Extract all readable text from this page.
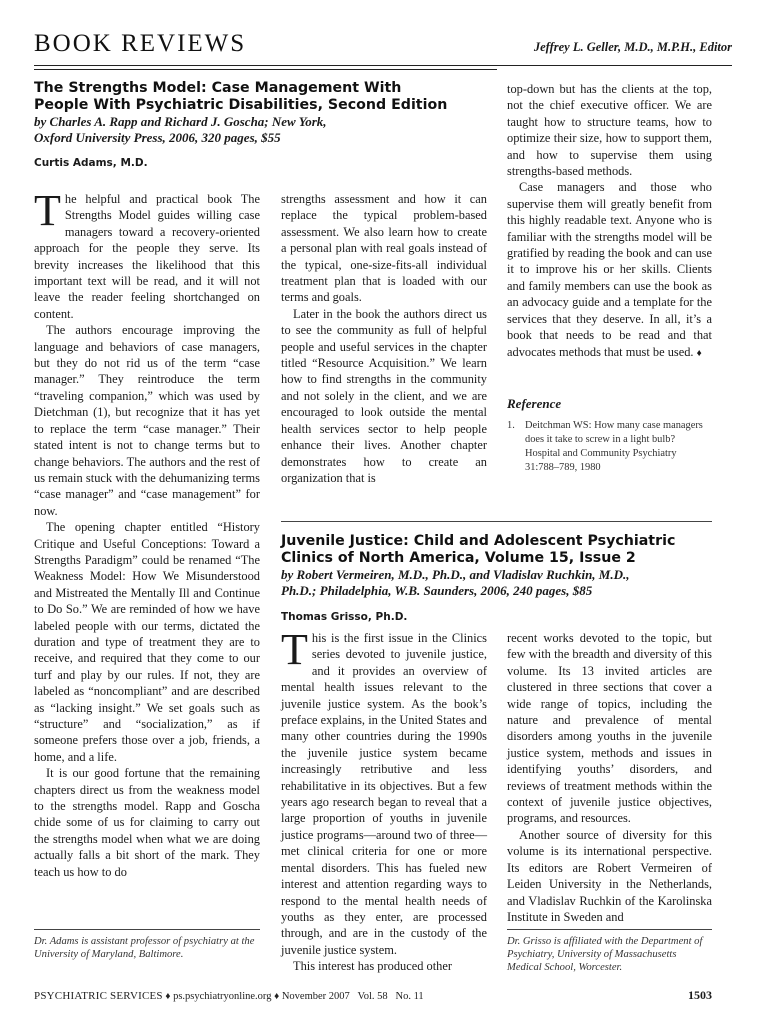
BOOK REVIEWS	Jeffrey L. Geller, M.D., M.P.H., Editor

The Strengths Model: Case Management With

People With Psychiatric Disabilities, Second Edition

by Charles A. Rapp and Richard J. Goscha; New York,

Oxford University Press, 2006, 320 pages, $55

Curtis Adams, M.D.

The helpful and practical book The Strengths Model guides willing case managers toward a recovery-oriented approach for the people they serve. Its brevity increases the likelihood that this important text will be read, and it will not leave the reader feeling shortchanged on content.

The authors encourage improving the language and behaviors of case managers, but they do not rid us of the term “case manager.” They reintroduce the term “traveling companion,” which was used by Dietchman (1), but recognize that it has yet to replace the term “case manager.” Their stated intent is not to change terms but to change behaviors. The authors and the rest of us remain stuck with the dehumanizing terms “case manager” and “case management” for now.

The opening chapter entitled “History Critique and Useful Conceptions: Toward a Strengths Paradigm” could be renamed “The Weakness Model: How We Misunderstood and Mistreated the Mentally Ill and Continue to Do So.” We are reminded of how we have labeled people with our terms, dictated the duration and type of treatment they are to receive, and required that they come to our turf and play by our rules. If not, they are labeled as “noncompliant” and are described as “lacking insight.” We set goals such as “structure” and “socialization,” as if someone prefers those over a job, friends, a home, and a life.

It is our good fortune that the remaining chapters direct us from the weakness model to the strengths model. Rapp and Goscha chide some of us for claiming to carry out the strengths model when what we are doing actually falls a bit short of the mark. They teach us how to do

strengths assessment and how it can replace the typical problem-based assessment. We also learn how to create a personal plan with real goals instead of the typical, one-size-fits-all individual treatment plan that is loaded with our terms and goals.

Later in the book the authors direct us to see the community as full of helpful people and useful services in the chapter titled “Resource Acquisition.” We learn how to find strengths in the community and not solely in the client, and we are encouraged to look outside the mental health services sector to help people enhance their lives. Another chapter demonstrates how to create an organization that is

top-down but has the clients at the top, not the chief executive officer. We are taught how to structure teams, how to optimize their size, how to support them, and how to supervise them using strengths-based methods.

Case managers and those who supervise them will greatly benefit from this highly readable text. Anyone who is familiar with the strengths model will be gratified by reading the book and can use it to improve his or her skills. Clients and family members can use the book as an advocacy guide and a template for the services that they deserve. In all, it’s a book that needs to be read and that advocates methods that must be used. ♦

Reference
1. Deitchman WS: How many case managers does it take to screw in a light bulb? Hospital and Community Psychiatry 31:788–789, 1980

Juvenile Justice: Child and Adolescent Psychiatric

Clinics of North America, Volume 15, Issue 2

by Robert Vermeiren, M.D., Ph.D., and Vladislav Ruchkin, M.D.,

Ph.D.; Philadelphia, W.B. Saunders, 2006, 240 pages, $85

Thomas Grisso, Ph.D.

This is the first issue in the Clinics series devoted to juvenile justice, and it provides an overview of mental health issues relevant to the juvenile justice system. As the book’s preface explains, in the United States and many other countries during the 1990s the juvenile justice system became increasingly retributive and less rehabilitative in its objectives. But a few years ago research began to reveal that a large proportion of youths in juvenile justice programs—around two of three—met clinical criteria for one or more mental disorders. This has fueled new interest and attention regarding ways to respond to the mental health needs of youths as they enter, are processed through, and are in the custody of the juvenile justice system.

This interest has produced other

recent works devoted to the topic, but few with the breadth and diversity of this volume. Its 13 invited articles are clustered in three sections that cover a wide range of topics, including the nature and prevalence of mental disorders among youths in the juvenile justice system, methods and issues in identifying youths’ disorders, and reviews of treatment methods within the context of juvenile justice objectives, programs, and resources.

Another source of diversity for this volume is its international perspective. Its editors are Robert Vermeiren of Leiden University in the Netherlands, and Vladislav Ruchkin of the Karolinska Institute in Sweden and

Dr. Adams is assistant professor of psychiatry at the University of Maryland, Baltimore.
Dr. Grisso is affiliated with the Department of Psychiatry, University of Massachusetts Medical School, Worcester.
PSYCHIATRIC SERVICES ♦ ps.psychiatryonline.org ♦ November 2007   Vol. 58   No. 11	1503
